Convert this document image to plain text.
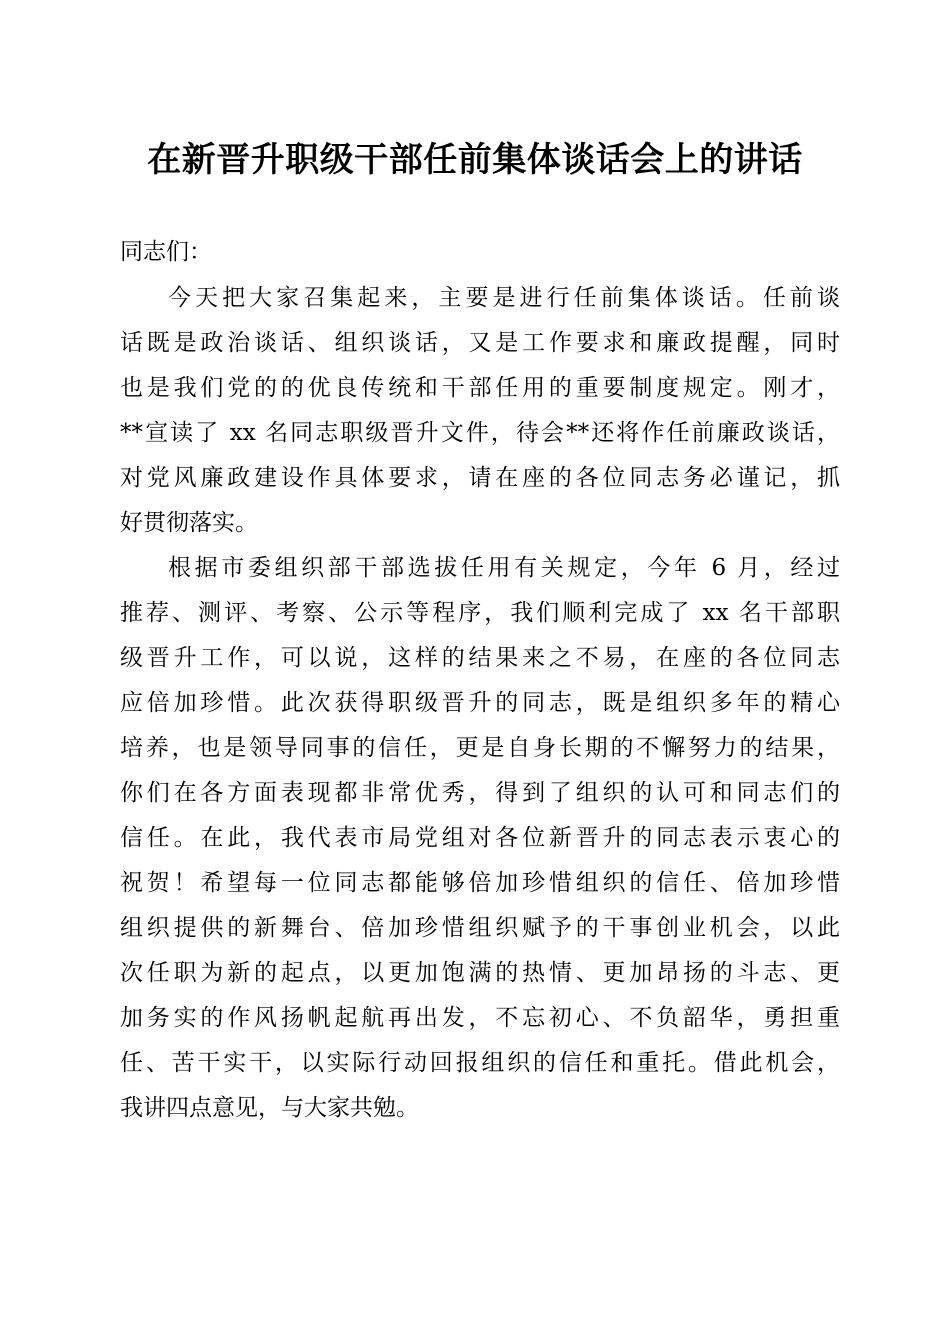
在新晋升职级干部任前集体谈话会上的讲话
同志们：
今天把大家召集起来，主要是进行任前集体谈话。任前谈
话既是政治谈话、组织谈话，又是工作要求和廉政提醒，同时
也是我们党的的优良传统和干部任用的重要制度规定。刚才，
**宣读了 xx 名同志职级晋升文件，待会**还将作任前廉政谈话，
对党风廉政建设作具体要求，请在座的各位同志务必谨记，抓
好贯彻落实。
根据市委组织部干部选拔任用有关规定，今年 6 月，经过
推荐、测评、考察、公示等程序，我们顺利完成了 xx 名干部职
级晋升工作，可以说，这样的结果来之不易，在座的各位同志
应倍加珍惜。此次获得职级晋升的同志，既是组织多年的精心
培养，也是领导同事的信任，更是自身长期的不懈努力的结果，
你们在各方面表现都非常优秀，得到了组织的认可和同志们的
信任。在此，我代表市局党组对各位新晋升的同志表示衷心的
祝贺！希望每一位同志都能够倍加珍惜组织的信任、倍加珍惜
组织提供的新舞台、倍加珍惜组织赋予的干事创业机会，以此
次任职为新的起点，以更加饱满的热情、更加昂扬的斗志、更
加务实的作风扬帆起航再出发，不忘初心、不负韶华，勇担重
任、苦干实干，以实际行动回报组织的信任和重托。借此机会，
我讲四点意见，与大家共勉。
